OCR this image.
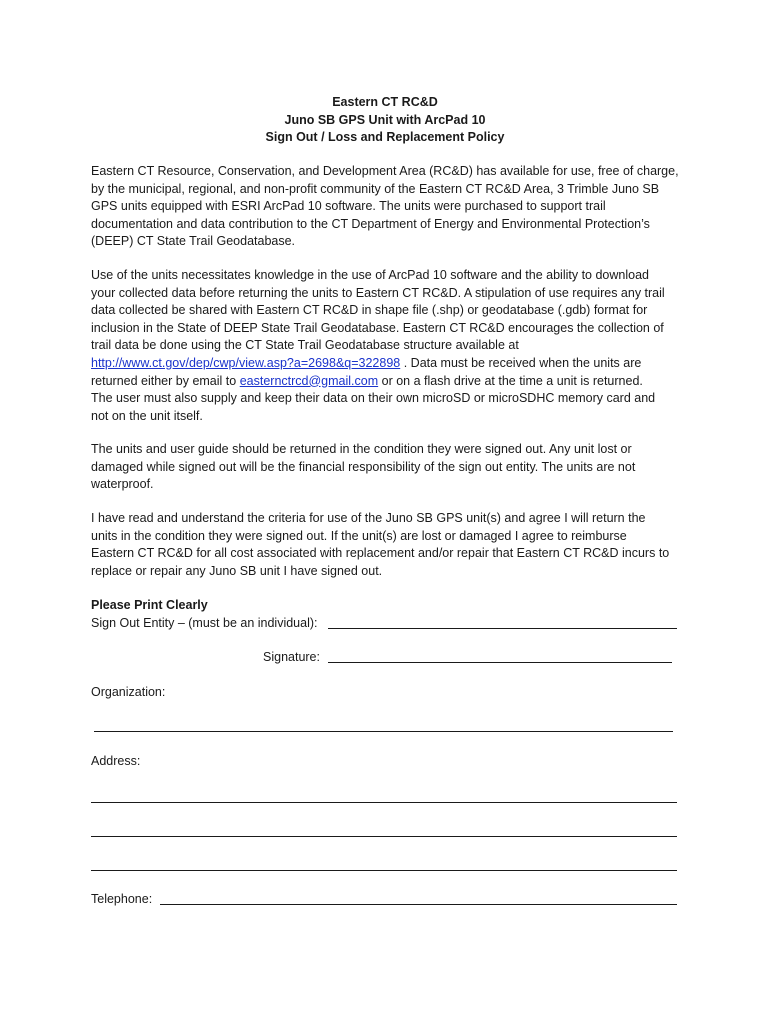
Eastern CT RC&D
Juno SB GPS Unit with ArcPad 10
Sign Out / Loss and Replacement Policy
Eastern CT Resource, Conservation, and Development Area (RC&D) has available for use, free of charge,
by the municipal, regional, and non-profit community of the Eastern CT RC&D Area, 3 Trimble Juno SB
GPS units equipped with ESRI ArcPad 10 software. The units were purchased to support trail
documentation and data contribution to the CT Department of Energy and Environmental Protection’s
(DEEP) CT State Trail Geodatabase.
Use of the units necessitates knowledge in the use of ArcPad 10 software and the ability to download
your collected data before returning the units to Eastern CT RC&D. A stipulation of use requires any trail
data collected be shared with Eastern CT RC&D in shape file (.shp) or geodatabase (.gdb) format for
inclusion in the State of DEEP State Trail Geodatabase. Eastern CT RC&D encourages the collection of
trail data be done using the CT State Trail Geodatabase structure available at
http://www.ct.gov/dep/cwp/view.asp?a=2698&q=322898 . Data must be received when the units are
returned either by email to easternctrcd@gmail.com or on a flash drive at the time a unit is returned.
The user must also supply and keep their data on their own microSD or microSDHC memory card and
not on the unit itself.
The units and user guide should be returned in the condition they were signed out. Any unit lost or
damaged while signed out will be the financial responsibility of the sign out entity. The units are not
waterproof.
I have read and understand the criteria for use of the Juno SB GPS unit(s) and agree I will return the
units in the condition they were signed out. If the unit(s) are lost or damaged I agree to reimburse
Eastern CT RC&D for all cost associated with replacement and/or repair that Eastern CT RC&D incurs to
replace or repair any Juno SB unit I have signed out.
Please Print Clearly
Sign Out Entity – (must be an individual):
Signature:
Organization:
Address:
Telephone:
